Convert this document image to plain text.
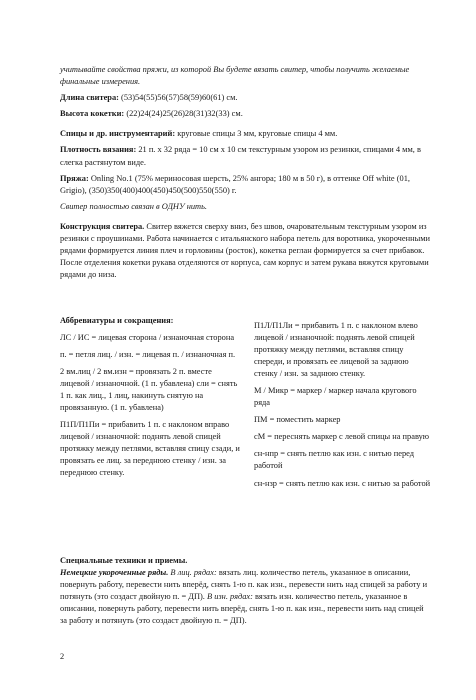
учитывайте свойства пряжи, из которой Вы будете вязать свитер, чтобы получить желаемые финальные измерения.

Длина свитера: (53)54(55)56(57)58(59)60(61) см.

Высота кокетки: (22)24(24)25(26)28(31)32(33) см.

Спицы и др. инструментарий: круговые спицы 3 мм, круговые спицы 4 мм.

Плотность вязания: 21 п. x 32 ряда = 10 см x 10 см текстурным узором из резинки, спицами 4 мм, в слегка растянутом виде.

Пряжа: Onling No.1 (75% мериносовая шерсть, 25% ангора; 180 м в 50 г), в оттенке Off white (01, Grigio), (350)350(400)400(450)450(500)550(550) г.

Свитер полностью связан в ОДНУ нить.

Конструкция свитера. Свитер вяжется сверху вниз, без швов, очаровательным текстурным узором из резинки с проушинами. Работа начинается с итальянского набора петель для воротника, укороченными рядами формируется линия плеч и горловины (росток), кокетка реглан формируется за счет прибавок. После отделения кокетки рукава отделяются от корпуса, сам корпус и затем рукава вяжутся круговыми рядами до низа.

Аббревиатуры и сокращения:

ЛС / ИС = лицевая сторона / изнаночная сторона

п. = петля лиц. / изн. = лицевая п. / изнаночная п.

2 вм.лиц / 2 вм.изн = провязать 2 п. вместе лицевой / изнаночной. (1 п. убавлена) сли = снять 1 п. как лиц., 1 лиц, накинуть снятую на провязанную. (1 п. убавлена)

П1П/П1Пи = прибавить 1 п. с наклоном вправо лицевой / изнаночной: поднять левой спицей протяжку между петлями, вставляя спицу сзади, и провязать ее лиц. за переднюю стенку / изн. за переднюю стенку.

П1Л/П1Ли = прибавить 1 п. с наклоном влево лицевой / изнаночной: поднять левой спицей протяжку между петлями, вставляя спицу спереди, и провязать ее лицевой за заднюю стенку / изн. за заднюю стенку.

М / Микр = маркер / маркер начала кругового ряда

ПМ = поместить маркер

сМ = переснять маркер с левой спицы на правую

сн-нпр = снять петлю как изн. с нитью перед работой

сн-нзр = снять петлю как изн. с нитью за работой

Специальные техники и приемы.

Немецкие укороченные ряды. В лиц. рядах: вязать лиц. количество петель, указанное в описании, повернуть работу, перевести нить вперёд, снять 1-ю п. как изн., перевести нить над спицей за работу и потянуть (это создаст двойную п. = ДП). В изн. рядах: вязать изн. количество петель, указанное в описании, повернуть работу, перевести нить вперёд, снять 1-ю п. как изн., перевести нить над спицей за работу и потянуть (это создаст двойную п. = ДП).

2
